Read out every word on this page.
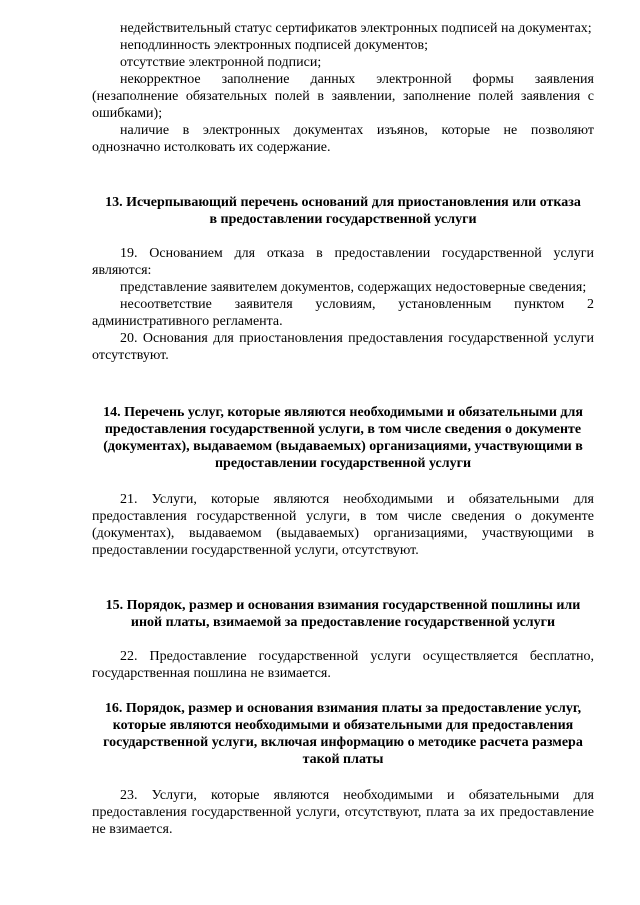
недействительный статус сертификатов электронных подписей на документах;

неподлинность электронных подписей документов;

отсутствие электронной подписи;

некорректное заполнение данных электронной формы заявления (незаполнение обязательных полей в заявлении, заполнение полей заявления с ошибками);

наличие в электронных документах изъянов, которые не позволяют однозначно истолковать их содержание.

13. Исчерпывающий перечень оснований для приостановления или отказа в предоставлении государственной услуги

19. Основанием для отказа в предоставлении государственной услуги являются:

представление заявителем документов, содержащих недостоверные сведения;

несоответствие заявителя условиям, установленным пунктом 2 административного регламента.

20. Основания для приостановления предоставления государственной услуги отсутствуют.

14. Перечень услуг, которые являются необходимыми и обязательными для предоставления государственной услуги, в том числе сведения о документе (документах), выдаваемом (выдаваемых) организациями, участвующими в предоставлении государственной услуги

21. Услуги, которые являются необходимыми и обязательными для предоставления государственной услуги, в том числе сведения о документе (документах), выдаваемом (выдаваемых) организациями, участвующими в предоставлении государственной услуги, отсутствуют.

15. Порядок, размер и основания взимания государственной пошлины или иной платы, взимаемой за предоставление государственной услуги

22. Предоставление государственной услуги осуществляется бесплатно, государственная пошлина не взимается.

16. Порядок, размер и основания взимания платы за предоставление услуг, которые являются необходимыми и обязательными для предоставления государственной услуги, включая информацию о методике расчета размера такой платы

23. Услуги, которые являются необходимыми и обязательными для предоставления государственной услуги, отсутствуют, плата за их предоставление не взимается.
